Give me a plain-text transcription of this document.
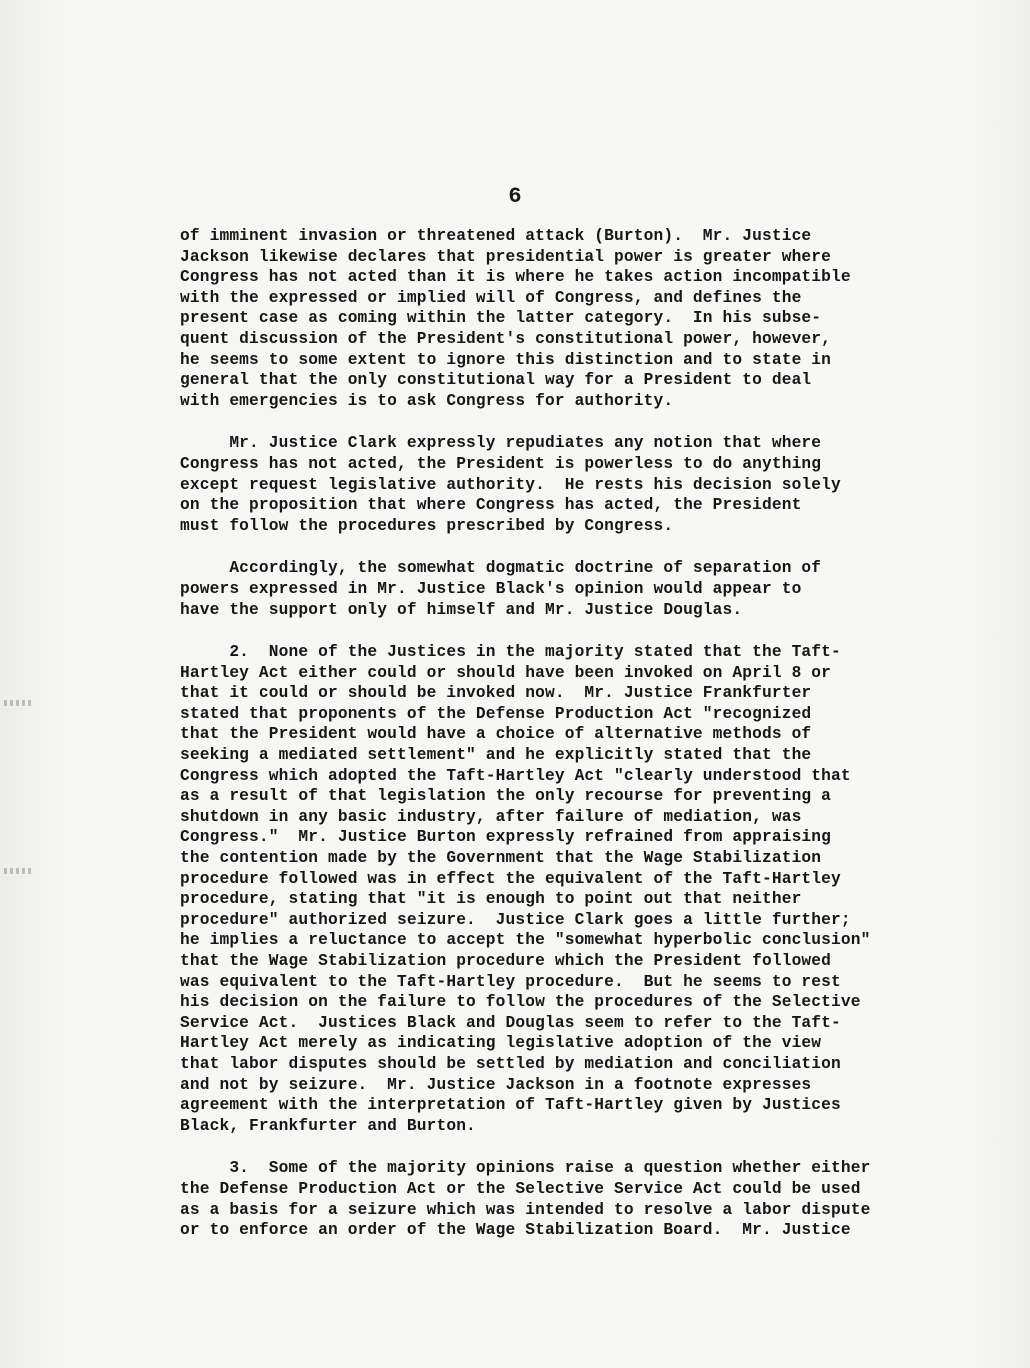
6
of imminent invasion or threatened attack (Burton).  Mr. Justice
Jackson likewise declares that presidential power is greater where
Congress has not acted than it is where he takes action incompatible
with the expressed or implied will of Congress, and defines the
present case as coming within the latter category.  In his subse-
quent discussion of the President's constitutional power, however,
he seems to some extent to ignore this distinction and to state in
general that the only constitutional way for a President to deal
with emergencies is to ask Congress for authority.
Mr. Justice Clark expressly repudiates any notion that where
Congress has not acted, the President is powerless to do anything
except request legislative authority.  He rests his decision solely
on the proposition that where Congress has acted, the President
must follow the procedures prescribed by Congress.
Accordingly, the somewhat dogmatic doctrine of separation of
powers expressed in Mr. Justice Black's opinion would appear to
have the support only of himself and Mr. Justice Douglas.
2.  None of the Justices in the majority stated that the Taft-
Hartley Act either could or should have been invoked on April 8 or
that it could or should be invoked now.  Mr. Justice Frankfurter
stated that proponents of the Defense Production Act "recognized
that the President would have a choice of alternative methods of
seeking a mediated settlement" and he explicitly stated that the
Congress which adopted the Taft-Hartley Act "clearly understood that
as a result of that legislation the only recourse for preventing a
shutdown in any basic industry, after failure of mediation, was
Congress."  Mr. Justice Burton expressly refrained from appraising
the contention made by the Government that the Wage Stabilization
procedure followed was in effect the equivalent of the Taft-Hartley
procedure, stating that "it is enough to point out that neither
procedure" authorized seizure.  Justice Clark goes a little further;
he implies a reluctance to accept the "somewhat hyperbolic conclusion"
that the Wage Stabilization procedure which the President followed
was equivalent to the Taft-Hartley procedure.  But he seems to rest
his decision on the failure to follow the procedures of the Selective
Service Act.  Justices Black and Douglas seem to refer to the Taft-
Hartley Act merely as indicating legislative adoption of the view
that labor disputes should be settled by mediation and conciliation
and not by seizure.  Mr. Justice Jackson in a footnote expresses
agreement with the interpretation of Taft-Hartley given by Justices
Black, Frankfurter and Burton.
3.  Some of the majority opinions raise a question whether either
the Defense Production Act or the Selective Service Act could be used
as a basis for a seizure which was intended to resolve a labor dispute
or to enforce an order of the Wage Stabilization Board.  Mr. Justice
